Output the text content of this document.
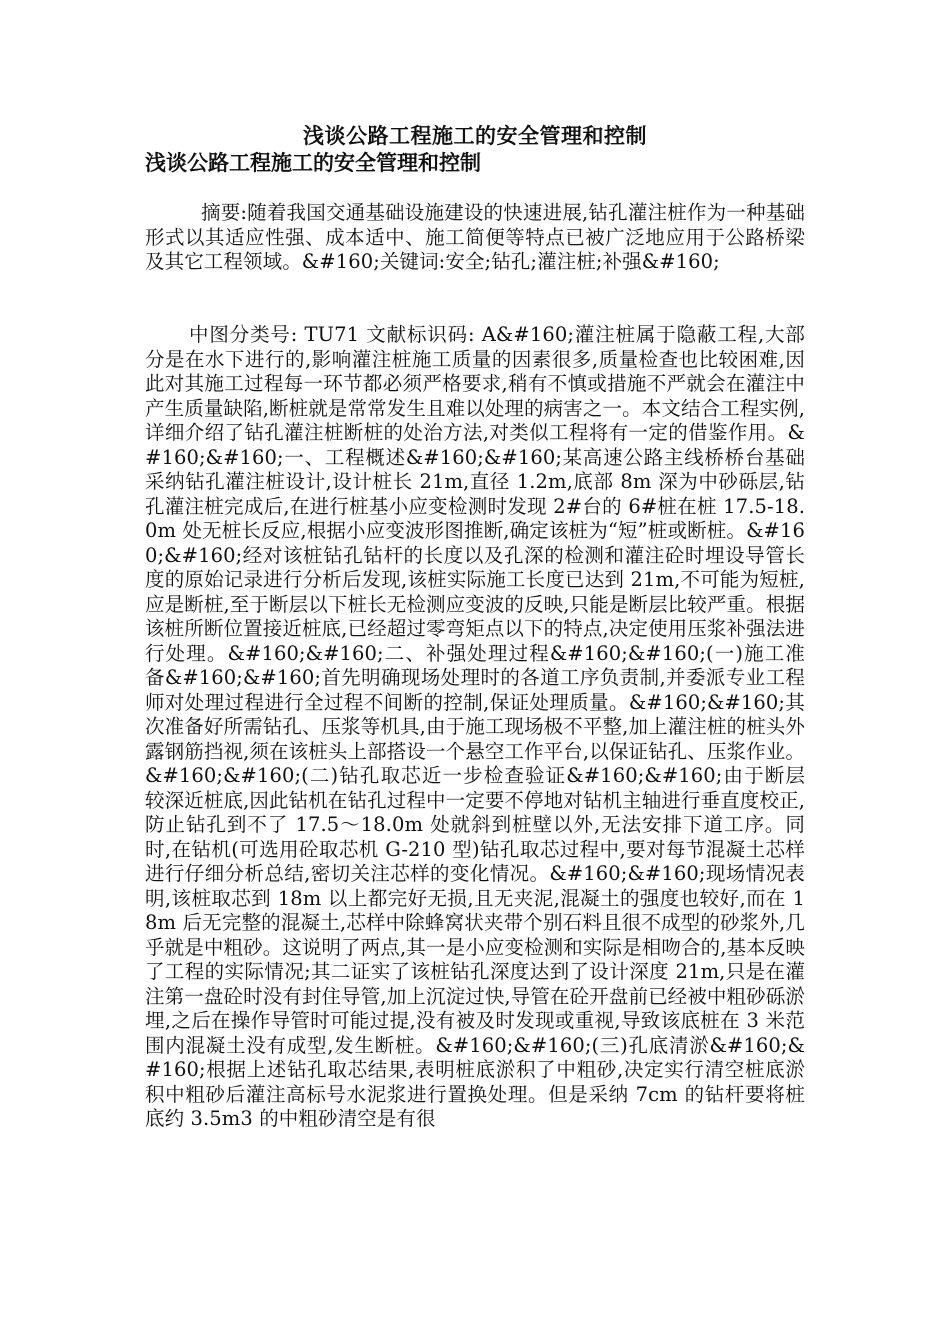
浅谈公路工程施工的安全管理和控制
浅谈公路工程施工的安全管理和控制

摘要:随着我国交通基础设施建设的快速进展,钻孔灌注桩作为一种基础形式以其适应性强、成本适中、施工简便等特点已被广泛地应用于公路桥梁及其它工程领域。&#160;关键词:安全;钻孔;灌注桩;补强&#160;

中图分类号: TU71 文献标识码: A&#160;灌注桩属于隐蔽工程,大部分是在水下进行的,影响灌注桩施工质量的因素很多,质量检查也比较困难,因此对其施工过程每一环节都必须严格要求,稍有不慎或措施不严就会在灌注中产生质量缺陷,断桩就是常常发生且难以处理的病害之一。本文结合工程实例,详细介绍了钻孔灌注桩断桩的处治方法,对类似工程将有一定的借鉴作用。&#160;&#160;一、工程概述&#160;&#160;某高速公路主线桥桥台基础采纳钻孔灌注桩设计,设计桩长 21m,直径 1.2m,底部 8m 深为中砂砾层,钻孔灌注桩完成后,在进行桩基小应变检测时发现 2#台的 6#桩在桩 17.5-18.0m 处无桩长反应,根据小应变波形图推断,确定该桩为“短”桩或断桩。&#160;&#160;经对该桩钻孔钻杆的长度以及孔深的检测和灌注砼时埋设导管长度的原始记录进行分析后发现,该桩实际施工长度已达到 21m,不可能为短桩,应是断桩,至于断层以下桩长无检测应变波的反映,只能是断层比较严重。根据该桩所断位置接近桩底,已经超过零弯矩点以下的特点,决定使用压浆补强法进行处理。&#160;&#160;二、补强处理过程&#160;&#160;(一)施工准备&#160;&#160;首先明确现场处理时的各道工序负责制,并委派专业工程师对处理过程进行全过程不间断的控制,保证处理质量。&#160;&#160;其次准备好所需钻孔、压浆等机具,由于施工现场极不平整,加上灌注桩的桩头外露钢筋挡视,须在该桩头上部搭设一个悬空工作平台,以保证钻孔、压浆作业。&#160;&#160;(二)钻孔取芯近一步检查验证&#160;&#160;由于断层较深近桩底,因此钻机在钻孔过程中一定要不停地对钻机主轴进行垂直度校正,防止钻孔到不了 17.5～18.0m 处就斜到桩壁以外,无法安排下道工序。同时,在钻机(可选用砼取芯机 G-210 型)钻孔取芯过程中,要对每节混凝土芯样进行仔细分析总结,密切关注芯样的变化情况。&#160;&#160;现场情况表明,该桩取芯到 18m 以上都完好无损,且无夹泥,混凝土的强度也较好,而在 18m 后无完整的混凝土,芯样中除蜂窝状夹带个别石料且很不成型的砂浆外,几乎就是中粗砂。这说明了两点,其一是小应变检测和实际是相吻合的,基本反映了工程的实际情况;其二证实了该桩钻孔深度达到了设计深度 21m,只是在灌注第一盘砼时没有封住导管,加上沉淀过快,导管在砼开盘前已经被中粗砂砾淤埋,之后在操作导管时可能过提,没有被及时发现或重视,导致该底桩在 3 米范围内混凝土没有成型,发生断桩。&#160;&#160;(三)孔底清淤&#160;&#160;根据上述钻孔取芯结果,表明桩底淤积了中粗砂,决定实行清空桩底淤积中粗砂后灌注高标号水泥浆进行置换处理。但是采纳 7cm 的钻杆要将桩底约 3.5m3 的中粗砂清空是有很
